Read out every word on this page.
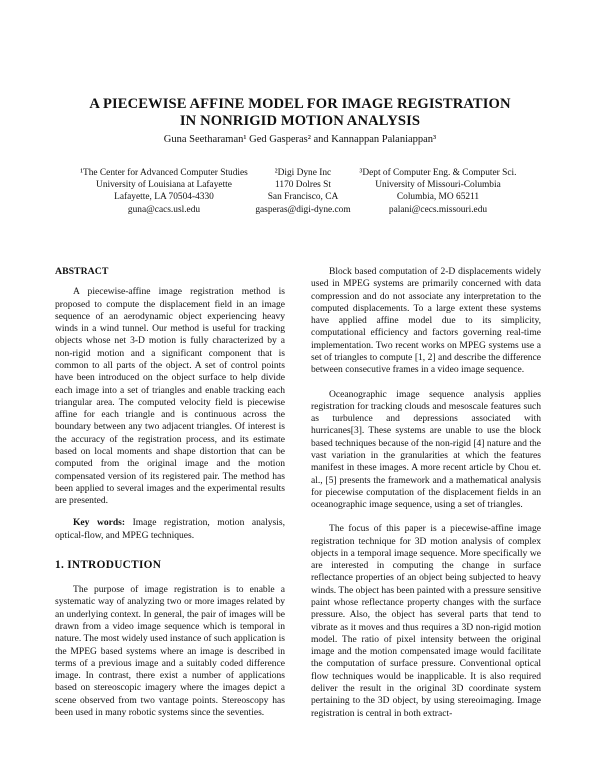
A PIECEWISE AFFINE MODEL FOR IMAGE REGISTRATION
IN NONRIGID MOTION ANALYSIS
Guna Seetharaman¹ Ged Gasperas² and Kannappan Palaniappan³
¹The Center for Advanced Computer Studies
University of Louisiana at Lafayette
Lafayette, LA 70504-4330
guna@cacs.usl.edu
²Digi Dyne Inc
1170 Dolres St
San Francisco, CA
gasperas@digi-dyne.com
³Dept of Computer Eng. & Computer Sci.
University of Missouri-Columbia
Columbia, MO 65211
palani@cecs.missouri.edu
ABSTRACT

A piecewise-affine image registration method is proposed to compute the displacement field in an image sequence of an aerodynamic object experiencing heavy winds in a wind tunnel. Our method is useful for tracking objects whose net 3-D motion is fully characterized by a non-rigid motion and a significant component that is common to all parts of the object. A set of control points have been introduced on the object surface to help divide each image into a set of triangles and enable tracking each triangular area. The computed velocity field is piecewise affine for each triangle and is continuous across the boundary between any two adjacent triangles. Of interest is the accuracy of the registration process, and its estimate based on local moments and shape distortion that can be computed from the original image and the motion compensated version of its registered pair. The method has been applied to several images and the experimental results are presented.

Key words: Image registration, motion analysis, optical-flow, and MPEG techniques.

1. INTRODUCTION

The purpose of image registration is to enable a systematic way of analyzing two or more images related by an underlying context. In general, the pair of images will be drawn from a video image sequence which is temporal in nature. The most widely used instance of such application is the MPEG based systems where an image is described in terms of a previous image and a suitably coded difference image. In contrast, there exist a number of applications based on stereoscopic imagery where the images depict a scene observed from two vantage points. Stereoscopy has been used in many robotic systems since the seventies.

Block based computation of 2-D displacements widely used in MPEG systems are primarily concerned with data compression and do not associate any interpretation to the computed displacements. To a large extent these systems have applied affine model due to its simplicity, computational efficiency and factors governing real-time implementation. Two recent works on MPEG systems use a set of triangles to compute [1, 2] and describe the difference between consecutive frames in a video image sequence.

Oceanographic image sequence analysis applies registration for tracking clouds and mesoscale features such as turbulence and depressions associated with hurricanes[3]. These systems are unable to use the block based techniques because of the non-rigid [4] nature and the vast variation in the granularities at which the features manifest in these images. A more recent article by Chou et. al., [5] presents the framework and a mathematical analysis for piecewise computation of the displacement fields in an oceanographic image sequence, using a set of triangles.

The focus of this paper is a piecewise-affine image registration technique for 3D motion analysis of complex objects in a temporal image sequence. More specifically we are interested in computing the change in surface reflectance properties of an object being subjected to heavy winds. The object has been painted with a pressure sensitive paint whose reflectance property changes with the surface pressure. Also, the object has several parts that tend to vibrate as it moves and thus requires a 3D non-rigid motion model. The ratio of pixel intensity between the original image and the motion compensated image would facilitate the computation of surface pressure. Conventional optical flow techniques would be inapplicable. It is also required deliver the result in the original 3D coordinate system pertaining to the 3D object, by using stereoimaging. Image registration is central in both extract-
